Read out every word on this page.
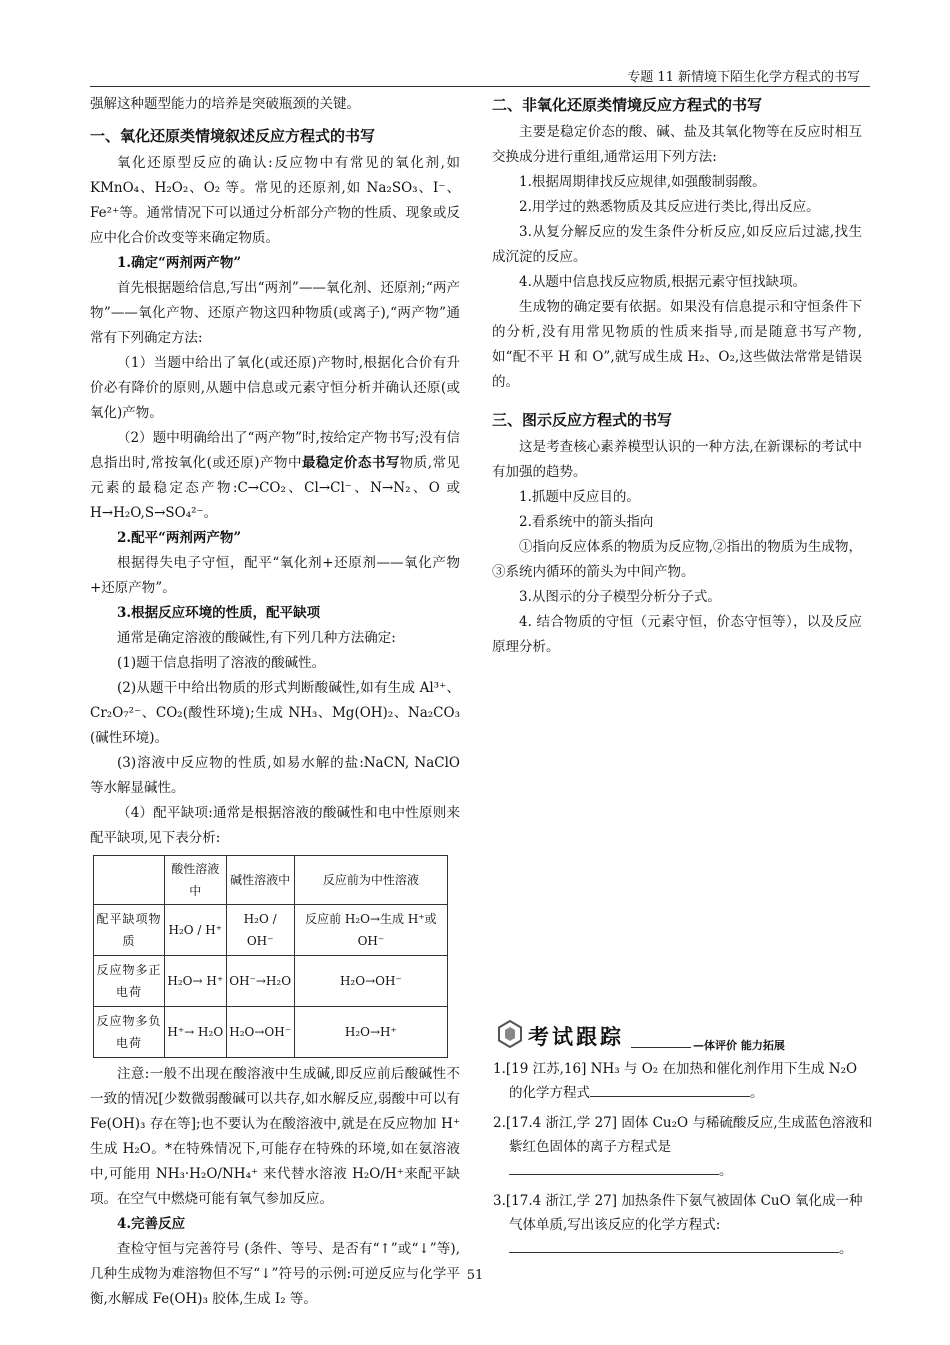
专题 11 新情境下陌生化学方程式的书写

强解这种题型能力的培养是突破瓶颈的关键。

一、氧化还原类情境叙述反应方程式的书写

氧化还原型反应的确认:反应物中有常见的氧化剂,如 KMnO₄、H₂O₂、O₂ 等。常见的还原剂,如 Na₂SO₃、I⁻、Fe²⁺等。通常情况下可以通过分析部分产物的性质、现象或反应中化合价改变等来确定物质。

1.确定“两剂两产物”

首先根据题给信息,写出“两剂”——氧化剂、还原剂;“两产物”——氧化产物、还原产物这四种物质(或离子),“两产物”通常有下列确定方法:

（1）当题中给出了氧化(或还原)产物时,根据化合价有升价必有降价的原则,从题中信息或元素守恒分析并确认还原(或氧化)产物。

（2）题中明确给出了“两产物”时,按给定产物书写;没有信息指出时,常按氧化(或还原)产物中最稳定价态书写物质,常见元素的最稳定态产物:C→CO₂、Cl→Cl⁻、N→N₂、O 或 H→H₂O,S→SO₄²⁻。

2.配平“两剂两产物”

根据得失电子守恒，配平“氧化剂+还原剂——氧化产物+还原产物”。

3.根据反应环境的性质，配平缺项

通常是确定溶液的酸碱性,有下列几种方法确定:

(1)题干信息指明了溶液的酸碱性。

(2)从题干中给出物质的形式判断酸碱性,如有生成 Al³⁺、Cr₂O₇²⁻、CO₂(酸性环境);生成 NH₃、Mg(OH)₂、Na₂CO₃ (碱性环境)。

(3)溶液中反应物的性质,如易水解的盐:NaCN, NaClO 等水解显碱性。

（4）配平缺项:通常是根据溶液的酸碱性和电中性原则来配平缺项,见下表分析:

	酸性溶液中	碱性溶液中	反应前为中性溶液
配平缺项物质	H₂O / H⁺	H₂O / OH⁻	反应前 H₂O→生成 H⁺或 OH⁻
反应物多正电荷	H₂O→ H⁺	OH⁻→H₂O	H₂O→OH⁻
反应物多负电荷	H⁺→ H₂O	H₂O→OH⁻	H₂O→H⁺

注意:一般不出现在酸溶液中生成碱,即反应前后酸碱性不一致的情况[少数微弱酸碱可以共存,如水解反应,弱酸中可以有 Fe(OH)₃ 存在等];也不要认为在酸溶液中,就是在反应物加 H⁺生成 H₂O。*在特殊情况下,可能存在特殊的环境,如在氨溶液中,可能用 NH₃·H₂O/NH₄⁺ 来代替水溶液 H₂O/H⁺来配平缺项。在空气中燃烧可能有氧气参加反应。

4.完善反应

查检守恒与完善符号 (条件、等号、是否有“↑”或“↓”等),几种生成物为难溶物但不写“↓”符号的示例:可逆反应与化学平衡,水解成 Fe(OH)₃ 胶体,生成 I₂ 等。

二、非氧化还原类情境反应方程式的书写

主要是稳定价态的酸、碱、盐及其氧化物等在反应时相互交换成分进行重组,通常运用下列方法:

1.根据周期律找反应规律,如强酸制弱酸。

2.用学过的熟悉物质及其反应进行类比,得出反应。

3.从复分解反应的发生条件分析反应,如反应后过滤,找生成沉淀的反应。

4.从题中信息找反应物质,根据元素守恒找缺项。

生成物的确定要有依据。如果没有信息提示和守恒条件下的分析,没有用常见物质的性质来指导,而是随意书写产物,如“配不平 H 和 O”,就写成生成 H₂、O₂,这些做法常常是错误的。

三、图示反应方程式的书写

这是考查核心素养模型认识的一种方法,在新课标的考试中有加强的趋势。

1.抓题中反应目的。

2.看系统中的箭头指向

①指向反应体系的物质为反应物,②指出的物质为生成物，③系统内循环的箭头为中间产物。

3.从图示的分子模型分析分子式。

4. 结合物质的守恒（元素守恒，价态守恒等），以及反应原理分析。

考试跟踪	—体评价 能力拓展
1.[19 江苏,16] NH₃ 与 O₂ 在加热和催化剂作用下生成 N₂O 的化学方程式	。
2.[17.4 浙江,学 27] 固体 Cu₂O 与稀硫酸反应,生成蓝色溶液和紫红色固体的离子方程式是
。
3.[17.4 浙江,学 27] 加热条件下氨气被固体 CuO 氧化成一种气体单质,写出该反应的化学方程式:
。
51
